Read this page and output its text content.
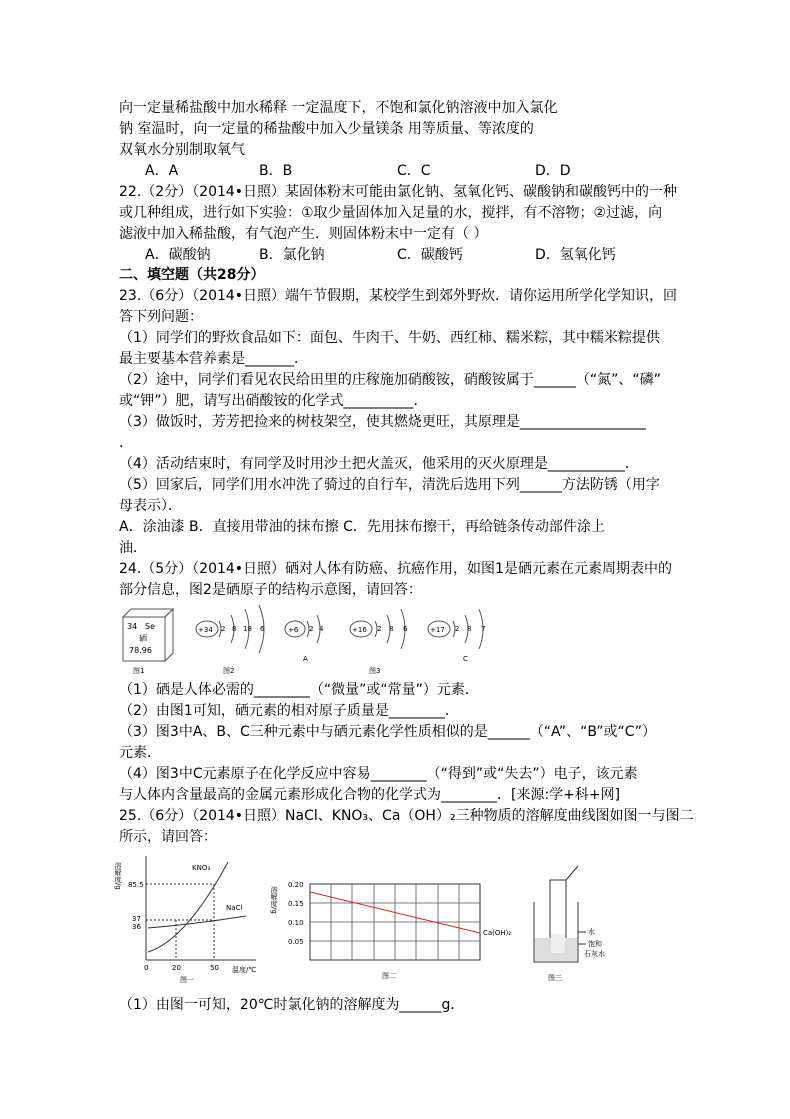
向一定量稀盐酸中加水稀释 一定温度下，不饱和氯化钠溶液中加入氯化
钠 室温时，向一定量的稀盐酸中加入少量镁条 用等质量、等浓度的
双氧水分别制取氧气
A．A	B．B	C．C	D．D
22.（2分）（2014•日照）某固体粉末可能由氯化钠、氢氧化钙、碳酸钠和碳酸钙中的一种
或几种组成，进行如下实验：①取少量固体加入足量的水，搅拌，有不溶物；②过滤，向
滤液中加入稀盐酸，有气泡产生．则固体粉末中一定有（ ）
A．碳酸钠	B．氯化钠	C．碳酸钙	D．氢氧化钙
二、填空题（共28分）
23.（6分）（2014•日照）端午节假期，某校学生到郊外野炊．请你运用所学化学知识，回
答下列问题：
（1）同学们的野炊食品如下：面包、牛肉干、牛奶、西红柿、糯米粽，其中糯米粽提供
最主要基本营养素是_______．
（2）途中，同学们看见农民给田里的庄稼施加硝酸铵，硝酸铵属于______（“氮”、“磷”
或“钾”）肥，请写出硝酸铵的化学式__________．
（3）做饭时，芳芳把捡来的树枝架空，使其燃烧更旺，其原理是__________________
．
（4）活动结束时，有同学及时用沙土把火盖灭，他采用的灭火原理是___________．
（5）回家后，同学们用水冲洗了骑过的自行车，清洗后选用下列______方法防锈（用字
母表示）．
A．涂油漆 B．直接用带油的抹布擦 C．先用抹布擦干，再给链条传动部件涂上
油．
24.（5分）（2014•日照）硒对人体有防癌、抗癌作用，如图1是硒元素在元素周期表中的
部分信息，图2是硒原子的结构示意图，请回答：
34 Se
硒
78.96
+34 2 8 18 6	+6 2 4
A
+16 2 8 6	+17 2 8 7
C
图1	图2	图3
（1）硒是人体必需的________（“微量”或“常量”）元素．
（2）由图1可知，硒元素的相对原子质量是________．
（3）图3中A、B、C三种元素中与硒元素化学性质相似的是______（“A”、“B”或“C”）
元素．
（4）图3中C元素原子在化学反应中容易________（“得到”或“失去”）电子，该元素
与人体内含量最高的金属元素形成化合物的化学式为________．[来源:学+科+网]
25.（6分）（2014•日照）NaCl、KNO₃、Ca（OH）₂三种物质的溶解度曲线图如图一与图二
所示，请回答：
溶解度/g 85.5
37
36
0	20	50 温度/℃
KNO₃
NaCl
图一
溶解度/g
0.20
0.15
0.10
0.05
Ca(OH)₂
图二
水
饱和
石灰水
图三
（1）由图一可知，20℃时氯化钠的溶解度为______g．
